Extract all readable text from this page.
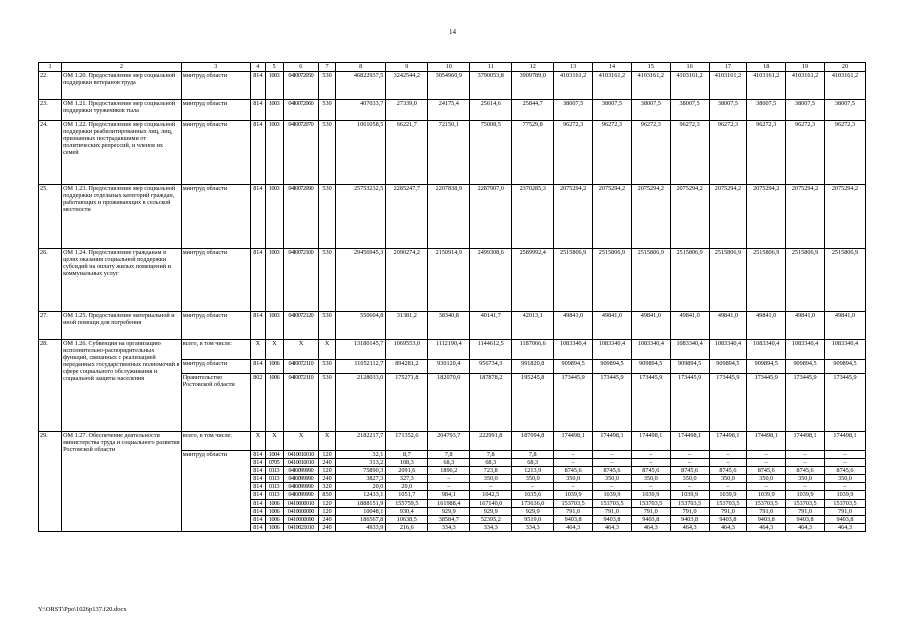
14
1	2	3	4	5	6	7	8	9	10	11	12	13	14	15	16	17	18	19	20
22.	ОМ 1.20. Предоставление мер социальной поддержки ветеранов труда	минтруд области	814	1003	04I0072050	530	46822937,5	3242544,2	3054960,9	3790053,8	3909789,0	4103161,2	4103161,2	4103161,2	4103161,2	4103161,2	4103161,2	4103161,2	4103161,2
23.	ОМ 1.21. Предоставление мер социальной поддержки тружеников тыла	минтруд области	814	1003	04I0072060	530	407033,7	27339,0	24175,4	25614,6	25844,7	38007,5	38007,5	38007,5	38007,5	38007,5	38007,5	38007,5	38007,5
24.	ОМ 1.22. Предоставление мер социальной поддержки реабилитированных лиц, лиц, признанных пострадавшими от политических репрессий, и членов их семей	минтруд области	814	1003	04I0072070	530	1061058,5	66221,7	72150,1	75008,5	77529,8	96272,3	96272,3	96272,3	96272,3	96272,3	96272,3	96272,3	96272,3
25.	ОМ 1.23. Предоставление мер социальной поддержки отдельных категорий граждан, работающих и проживающих в сельской местности	минтруд области	814	1003	04I0072090	530	25753232,5	2285247,7	2207838,9	2287907,0	2370285,3	2075294,2	2075294,2	2075294,2	2075294,2	2075294,2	2075294,2	2075294,2	2075294,2
26.	ОМ 1.24. Предоставление гражданам в целях оказания социальной поддержки субсидий на оплату жилых помещений и коммунальных услуг	минтруд области	814	1003	04I0072100	530	29456945,3	2090274,2	2150914,9	2499308,6	2589992,4	2515806,9	2515806,9	2515806,9	2515806,9	2515806,9	2515806,9	2515806,9	2515806,9
27.	ОМ 1.25. Предоставление материальной и иной помощи для погребения	минтруд области	814	1003	04I0072120	530	550604,8	31381,2	38340,8	40141,7	42013,1	49841,0	49841,0	49841,0	49841,0	49841,0	49841,0	49841,0	49841,0
28.	ОМ 1.26. Субвенция на организацию исполнительно-распорядительных функций, связанных с реализацией переданных государственных полномочий в сфере социального обслуживания и социальной защиты населения	всего, в том числе:	X	X	X	X	13180145,7	1069553,0	1112190,4	1144612,5	1187066,6	1083340,4	1083340,4	1083340,4	1083340,4	1083340,4	1083340,4	1083340,4	1083340,4
		минтруд области	814	1006	04I0072110	530	11052112,7	894281,2	930120,4	956734,3	991820,8	909894,5	909894,5	909894,5	909894,5	909894,5	909894,5	909894,5	909894,5
		Правительство Ростовской области	802	1006	04I0072110	530	2128033,0	175271,8	182070,0	187878,2	195245,8	173445,9	173445,9	173445,9	173445,9	173445,9	173445,9	173445,9	173445,9
29.	ОМ 1.27. Обеспечение деятельности министерства труда и социального развития Ростовской области	всего, в том числе:	X	X	X	X	2182217,7	171352,6	204793,7	222991,8	187094,8	174498,1	174498,1	174498,1	174498,1	174498,1	174498,1	174498,1	174498,1
		минтруд области	814	1004	0410010010	120	32,1	8,7	7,8	7,8	7,8	–	–	–	–	–	–	–	–
			814	0705	0410010010	240	313,2	108,3	68,3	68,3	68,3	–	–	–	–	–	–	–	–
			814	0113	04I0099990	120	75890,3	2091,6	1896,2	723,8	1213,9	8745,6	8745,6	8745,6	8745,6	8745,6	8745,6	8745,6	8745,6
			814	0113	04I0099990	240	3827,3	327,3	–	350,0	350,0	350,0	350,0	350,0	350,0	350,0	350,0	350,0	350,0
			814	0113	04I0099990	320	20,0	20,0	–	–	–	–	–	–	–	–	–	–	–
			814	0113	04I0099990	850	12433,1	1051,7	984,1	1042,5	1035,6	1039,9	1039,9	1039,9	1039,9	1039,9	1039,9	1039,9	1039,9
			814	1006	0410000010	120	1888151,9	155759,5	161988,4	167140,0	173636,0	153703,5	153703,5	153703,5	153703,5	153703,5	153703,5	153703,5	153703,5
			814	1006	0410000090	120	10048,1	930,4	929,9	929,9	929,9	791,0	791,0	791,0	791,0	791,0	791,0	791,0	791,0
			814	1006	0410000090	240	186567,8	10638,5	38584,7	52395,2	9519,0	9403,8	9403,8	9403,8	9403,8	9403,8	9403,8	9403,8	9403,8
			814	1006	0410021010	240	4933,9	216,6	334,3	334,3	334,3	464,3	464,3	464,3	464,3	464,3	464,3	464,3	464,3
Y:\ORST\Ppo\1026p137.f20.docx
